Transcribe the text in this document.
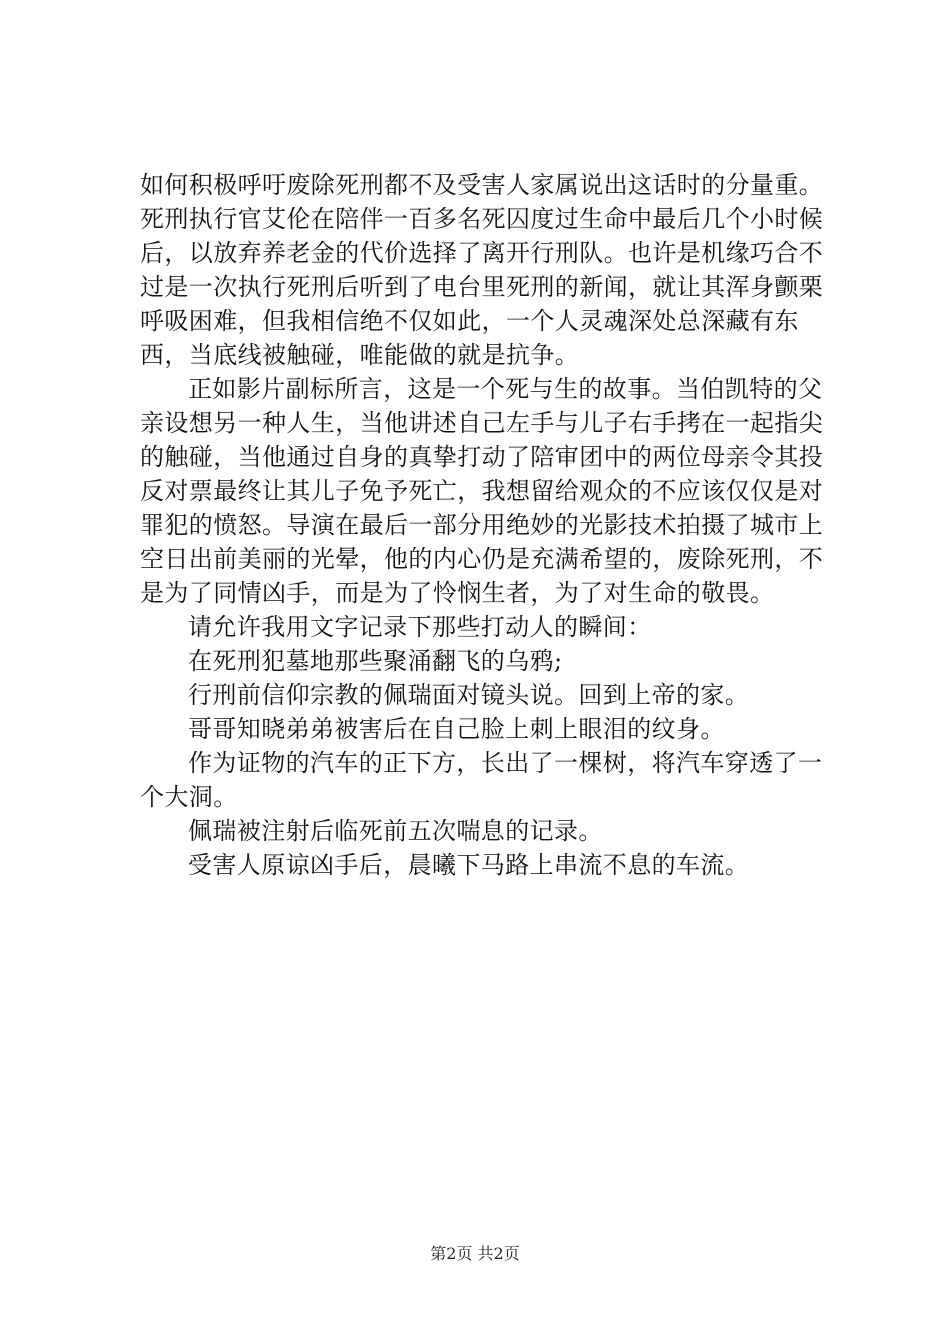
如何积极呼吁废除死刑都不及受害人家属说出这话时的分量重。死刑执行官艾伦在陪伴一百多名死囚度过生命中最后几个小时候后，以放弃养老金的代价选择了离开行刑队。也许是机缘巧合不过是一次执行死刑后听到了电台里死刑的新闻，就让其浑身颤栗呼吸困难，但我相信绝不仅如此，一个人灵魂深处总深藏有东西，当底线被触碰，唯能做的就是抗争。

正如影片副标所言，这是一个死与生的故事。当伯凯特的父亲设想另一种人生，当他讲述自己左手与儿子右手拷在一起指尖的触碰，当他通过自身的真挚打动了陪审团中的两位母亲令其投反对票最终让其儿子免予死亡，我想留给观众的不应该仅仅是对罪犯的愤怒。导演在最后一部分用绝妙的光影技术拍摄了城市上空日出前美丽的光晕，他的内心仍是充满希望的，废除死刑，不是为了同情凶手，而是为了怜悯生者，为了对生命的敬畏。

请允许我用文字记录下那些打动人的瞬间：

在死刑犯墓地那些聚涌翻飞的乌鸦;

行刑前信仰宗教的佩瑞面对镜头说。回到上帝的家。

哥哥知晓弟弟被害后在自己脸上刺上眼泪的纹身。

作为证物的汽车的正下方，长出了一棵树，将汽车穿透了一个大洞。

佩瑞被注射后临死前五次喘息的记录。

受害人原谅凶手后，晨曦下马路上串流不息的车流。

第2页 共2页
